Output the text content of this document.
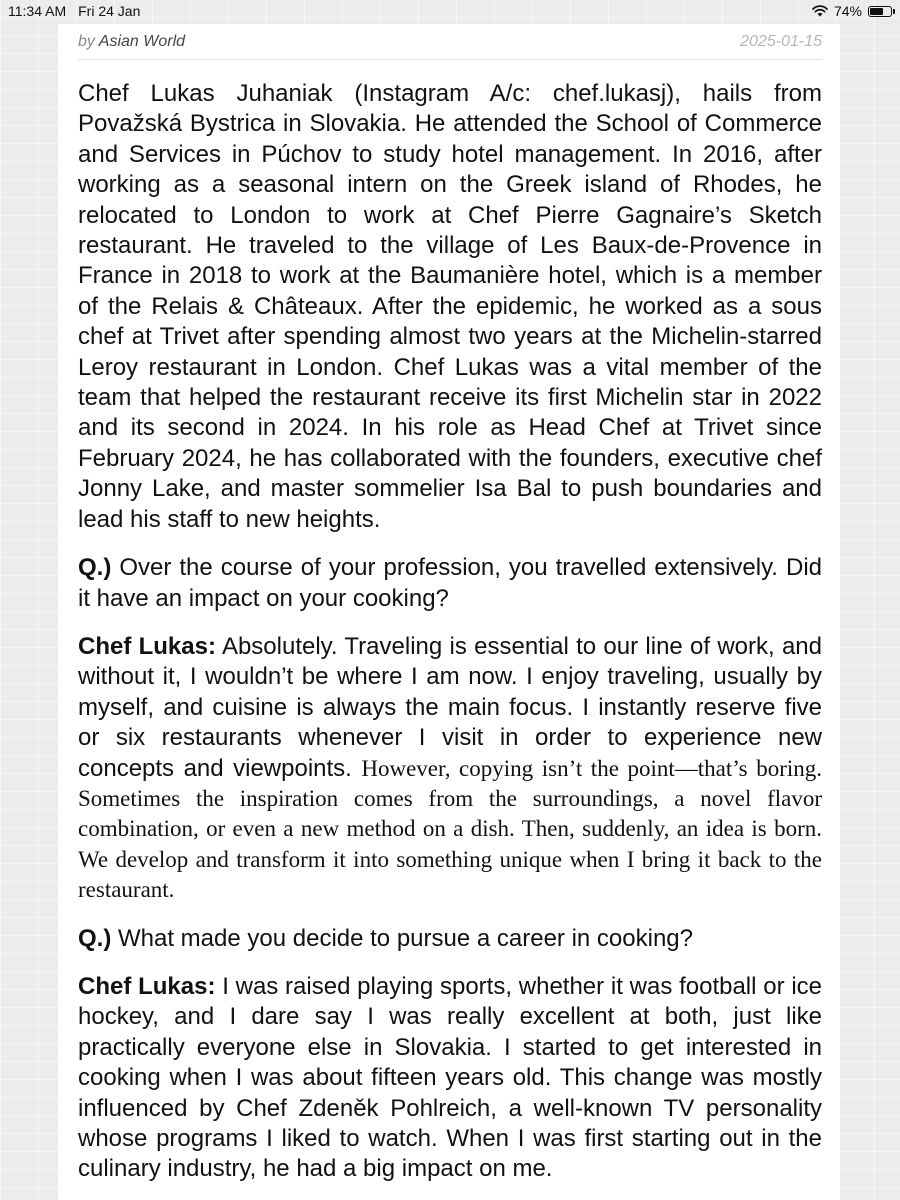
11:34 AM Fri 24 Jan	74%
by Asian World	2025-01-15

Chef Lukas Juhaniak (Instagram A/c: chef.lukasj), hails from Považská Bystrica in Slovakia. He attended the School of Commerce and Services in Púchov to study hotel management. In 2016, after working as a seasonal intern on the Greek island of Rhodes, he relocated to London to work at Chef Pierre Gagnaire’s Sketch restaurant. He traveled to the village of Les Baux-de-Provence in France in 2018 to work at the Baumanière hotel, which is a member of the Relais & Châteaux. After the epidemic, he worked as a sous chef at Trivet after spending almost two years at the Michelin-starred Leroy restaurant in London. Chef Lukas was a vital member of the team that helped the restaurant receive its first Michelin star in 2022 and its second in 2024. In his role as Head Chef at Trivet since February 2024, he has collaborated with the founders, executive chef Jonny Lake, and master sommelier Isa Bal to push boundaries and lead his staff to new heights.

Q.) Over the course of your profession, you travelled extensively. Did it have an impact on your cooking?

Chef Lukas: Absolutely. Traveling is essential to our line of work, and without it, I wouldn’t be where I am now. I enjoy traveling, usually by myself, and cuisine is always the main focus. I instantly reserve five or six restaurants whenever I visit in order to experience new concepts and viewpoints. However, copying isn’t the point—that’s boring. Sometimes the inspiration comes from the surroundings, a novel flavor combination, or even a new method on a dish. Then, suddenly, an idea is born. We develop and transform it into something unique when I bring it back to the restaurant.

Q.) What made you decide to pursue a career in cooking?

Chef Lukas: I was raised playing sports, whether it was football or ice hockey, and I dare say I was really excellent at both, just like practically everyone else in Slovakia. I started to get interested in cooking when I was about fifteen years old. This change was mostly influenced by Chef Zdeněk Pohlreich, a well-known TV personality whose programs I liked to watch. When I was first starting out in the culinary industry, he had a big impact on me.
